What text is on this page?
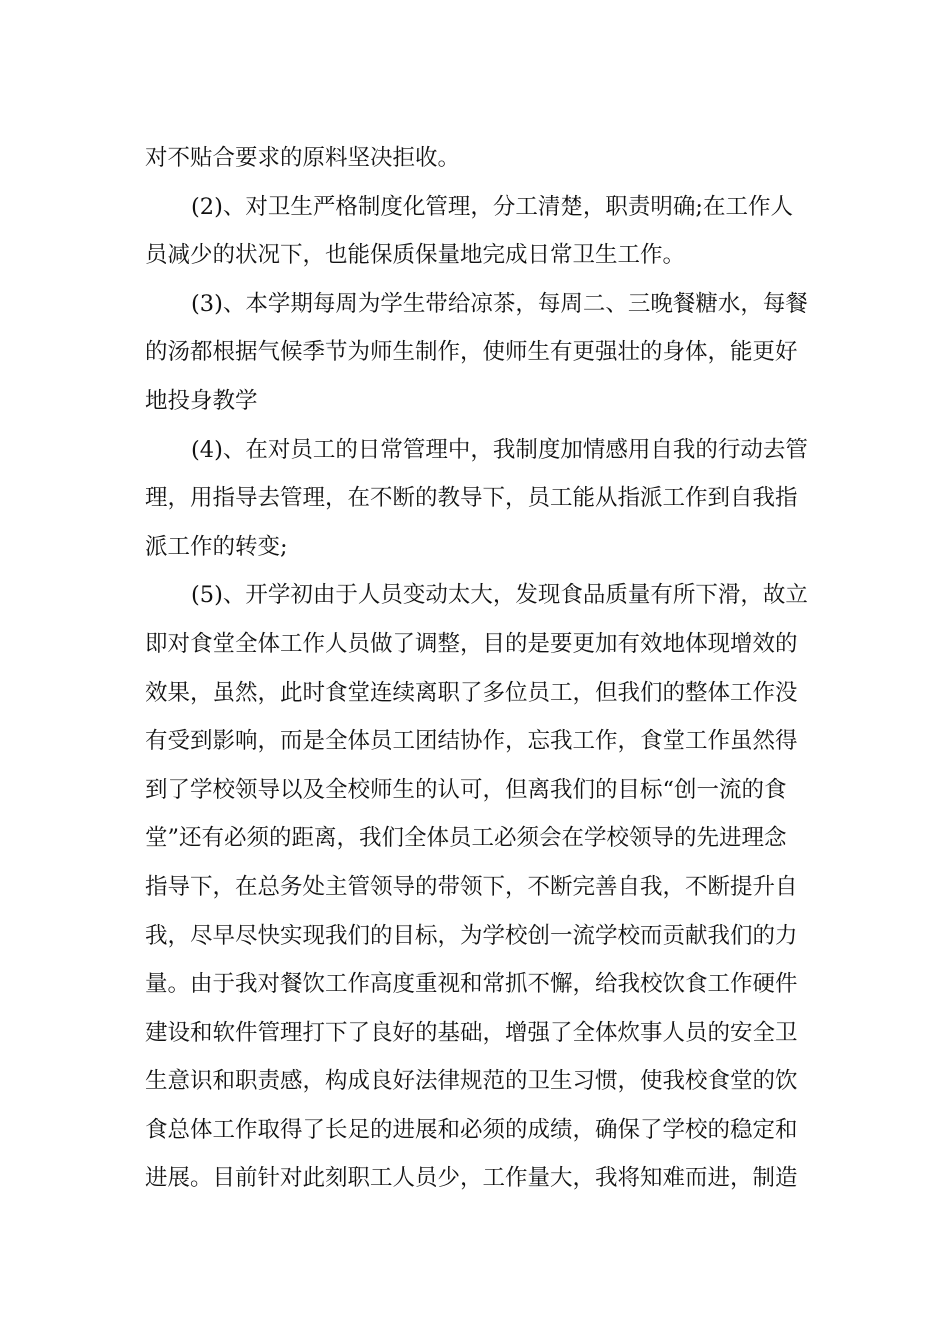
对不贴合要求的原料坚决拒收。
(2)、对卫生严格制度化管理，分工清楚，职责明确;在工作人
员减少的状况下，也能保质保量地完成日常卫生工作。
(3)、本学期每周为学生带给凉茶，每周二、三晚餐糖水，每餐
的汤都根据气候季节为师生制作，使师生有更强壮的身体，能更好
地投身教学
(4)、在对员工的日常管理中，我制度加情感用自我的行动去管
理，用指导去管理，在不断的教导下，员工能从指派工作到自我指
派工作的转变;
(5)、开学初由于人员变动太大，发现食品质量有所下滑，故立
即对食堂全体工作人员做了调整，目的是要更加有效地体现增效的
效果，虽然，此时食堂连续离职了多位员工，但我们的整体工作没
有受到影响，而是全体员工团结协作，忘我工作，食堂工作虽然得
到了学校领导以及全校师生的认可，但离我们的目标“创一流的食
堂”还有必须的距离，我们全体员工必须会在学校领导的先进理念
指导下，在总务处主管领导的带领下，不断完善自我，不断提升自
我，尽早尽快实现我们的目标，为学校创一流学校而贡献我们的力
量。由于我对餐饮工作高度重视和常抓不懈，给我校饮食工作硬件
建设和软件管理打下了良好的基础，增强了全体炊事人员的安全卫
生意识和职责感，构成良好法律规范的卫生习惯，使我校食堂的饮
食总体工作取得了长足的进展和必须的成绩，确保了学校的稳定和
进展。目前针对此刻职工人员少，工作量大，我将知难而进，制造
